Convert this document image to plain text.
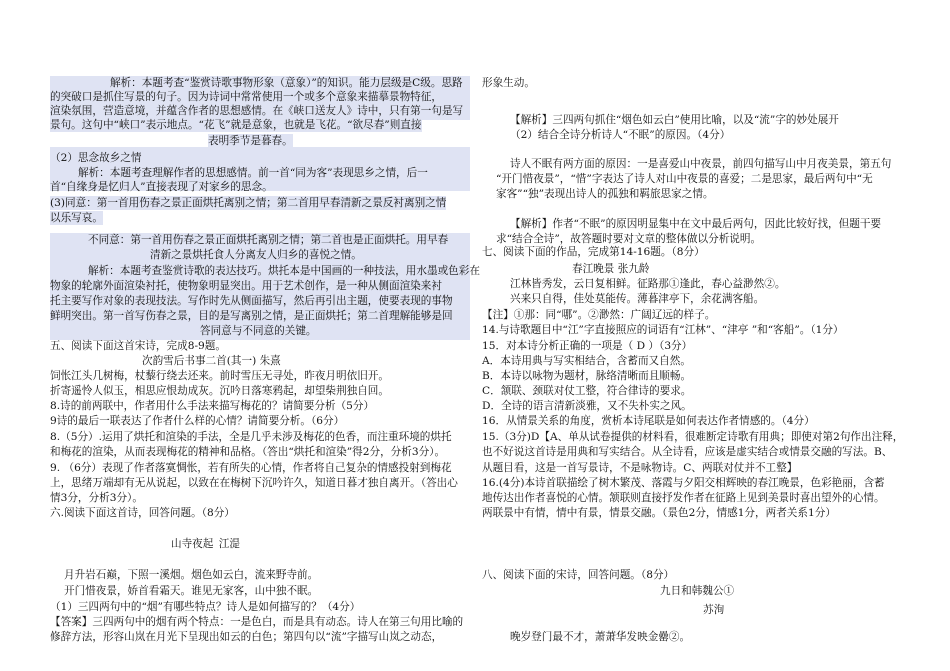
解析：本题考查“鉴赏诗歌事物形象（意象）”的知识。能力层级是C级。思路
的突破口是抓住写景的句子。因为诗词中常常使用一个或多个意象来描摹景物特征，
渲染氛围，营造意境，并蕴含作者的思想感情。在《峡口送友人》诗中，只有第一句是写
景句。这句中“峡口”表示地点。“花飞”就是意象，也就是飞花。“欲尽春”则直接
表明季节是暮春。
（2）思念故乡之情
解析：本题考查理解作者的思想感情。前一首“同为客”表现思乡之情，后一
首“自缘身是忆归人”直接表现了对家乡的思念。
(3)同意：第一首用伤春之景正面烘托离别之情；第二首用早春清新之景反衬离别之情
以乐写哀。
不同意：第一首用伤春之景正面烘托离别之情；第二首也是正面烘托。用早春
清新之景烘托食人分离友人归乡的喜悦之情。
解析：本题考查鉴赏诗歌的表达技巧。烘托本是中国画的一种技法，用水墨或色彩在
物象的轮廓外面渲染衬托，使物象明显突出。用于艺术创作，是一种从侧面渲染来衬
托主要写作对象的表现技法。写作时先从侧面描写，然后再引出主题，使要表现的事物
鲜明突出。第一首写伤春之景，目的是写离别之情，是正面烘托；第二首理解能够是回
答同意与不同意的关键。
五、阅读下面这首宋诗，完成8-9题。
次韵雪后书事二首(其一) 朱熹
饲怅江头几树梅，杖藜行绕去还来。前时雪压无寻处，昨夜月明依旧开。
折寄遥怜人似玉，相思应恨劫成灰。沉吟日落寒鸦起，却望柴荆独自回。
8.诗的前两联中，作者用什么手法来描写梅花的？请简要分析（5分）
9诗的最后一联表达了作者什么样的心情？请简要分析。（6分）
8.（5分）.运用了烘托和渲染的手法，全是几乎未涉及梅花的色香，而注重环境的烘托
和梅花的渲染，从而表现梅花的精神和品格。（答出“烘托和渲染”得2分，分析3分）。
9. （6分）表现了作者落寞惆怅，若有所失的心情，作者将自己复杂的情感投射到梅花
上，思绪万端却有无从说起，以致在在梅树下沉吟许久，知道日暮才独自离开。（答出心
情3分，分析3分）。
六.阅读下面这首诗，回答问题。（8分）
山寺夜起 江湜
月升岩石巅，下照一溪烟。烟色如云白，流来野寺前。
开门惜夜景，娇首看霜天。谁见无家客，山中独不眠。
（1）三四两句中的“烟”有哪些特点？诗人是如何描写的？（4分）
【答案】三四两句中的烟有两个特点：一是色白，而是具有动态。诗人在第三句用比喻的
修辞方法，形容山岚在月光下呈现出如云的白色；第四句以“流”字描写山岚之动态，
形象生动。
【解析】三四两句抓住“烟色如云白”使用比喻，以及“流”字的妙处展开
（2）结合全诗分析诗人“不眠”的原因。（4分）
诗人不眠有两方面的原因：一是喜爱山中夜景，前四句描写山中月夜美景，第五句
“开门惜夜景”，“惜”字表达了诗人对山中夜景的喜爱；二是思家，最后两句中“无
家客”“独”表现出诗人的孤独和羁旅思家之情。
【解析】作者“不眠”的原因明显集中在文中最后两句，因此比较好找，但题干要
求“结合全诗”，故答题时要对文章的整体做以分析说明。
七、阅读下面的作品，完成第14-16题。（8分）
春江晚景 张九龄
江林皆秀发，云日复相鲜。征路那①逢此，春心益渺然②。
兴来只自得，佳处莫能传。薄暮津亭下，余花满客船。
【注】①那：同“哪”。②渺然：广阔辽远的样子。
14.与诗歌题目中“江”字直接照应的词语有“江林”、“津亭 ”和“客船”。（1分）
15．对本诗分析正确的一项是（ D ）（3分）
A．本诗用典与写实相结合，含蓄而又自然。
B．本诗以咏物为题材，脉络清晰而且顺畅。
C．颔联、颈联对仗工整，符合律诗的要求。
D．全诗的语言清新淡雅，又不失朴实之风。
16．从情景关系的角度，赏析本诗尾联是如何表达作者情感的。（4分）
15.（3分)D【A、单从试卷提供的材料看，很难断定诗歌有用典；即使对第2句作出注释，
也不好说这首诗是用典和写实结合。从全诗看，应该是虚实结合或情景交融的写法。B、
从题目看，这是一首写景诗，不是咏物诗。C、两联对仗并不工整】
16.(4分)本诗首联描绘了树木繁茂、落霞与夕阳交相辉映的春江晚景，色彩艳丽，含蓄
地传达出作者喜悦的心情。颔联则直接抒发作者在征路上见到美景时喜出望外的心情。
两联景中有情，情中有景，情景交融。（景色2分，情感1分，两者关系1分）
八、阅读下面的宋诗，回答问题。（8分）
九日和韩魏公①
苏洵
晚岁登门最不才，萧萧华发映金罍②。
